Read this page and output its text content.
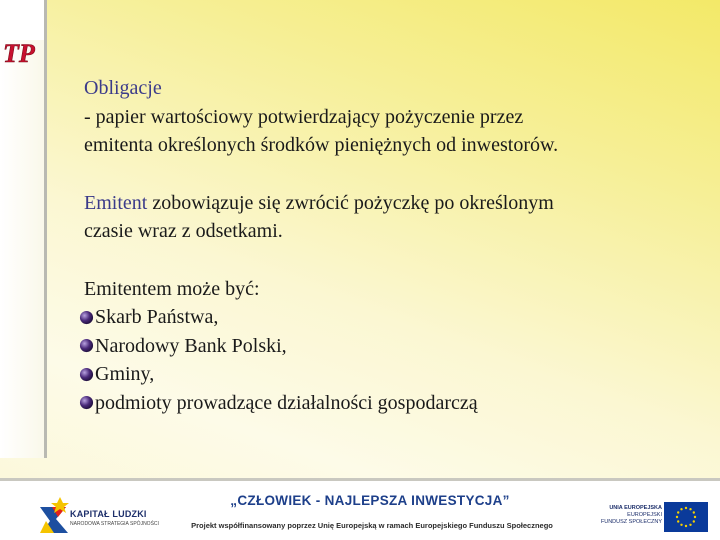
TP

Obligacje
- papier wartościowy potwierdzający pożyczenie przez
emitenta określonych środków pieniężnych od inwestorów.

Emitent zobowiązuje się zwrócić pożyczkę po określonym
czasie wraz z odsetkami.

Emitentem może być:

Skarb Państwa,
Narodowy Bank Polski,
Gminy,
podmioty prowadzące działalności gospodarczą
KAPITAŁ LUDZKI
NARODOWA STRATEGIA SPÓJNOŚCI
„CZŁOWIEK - NAJLEPSZA INWESTYCJA”
Projekt współfinansowany poprzez Unię Europejską w ramach Europejskiego Funduszu Społecznego
UNIA EUROPEJSKA
EUROPEJSKI
FUNDUSZ SPOŁECZNY
